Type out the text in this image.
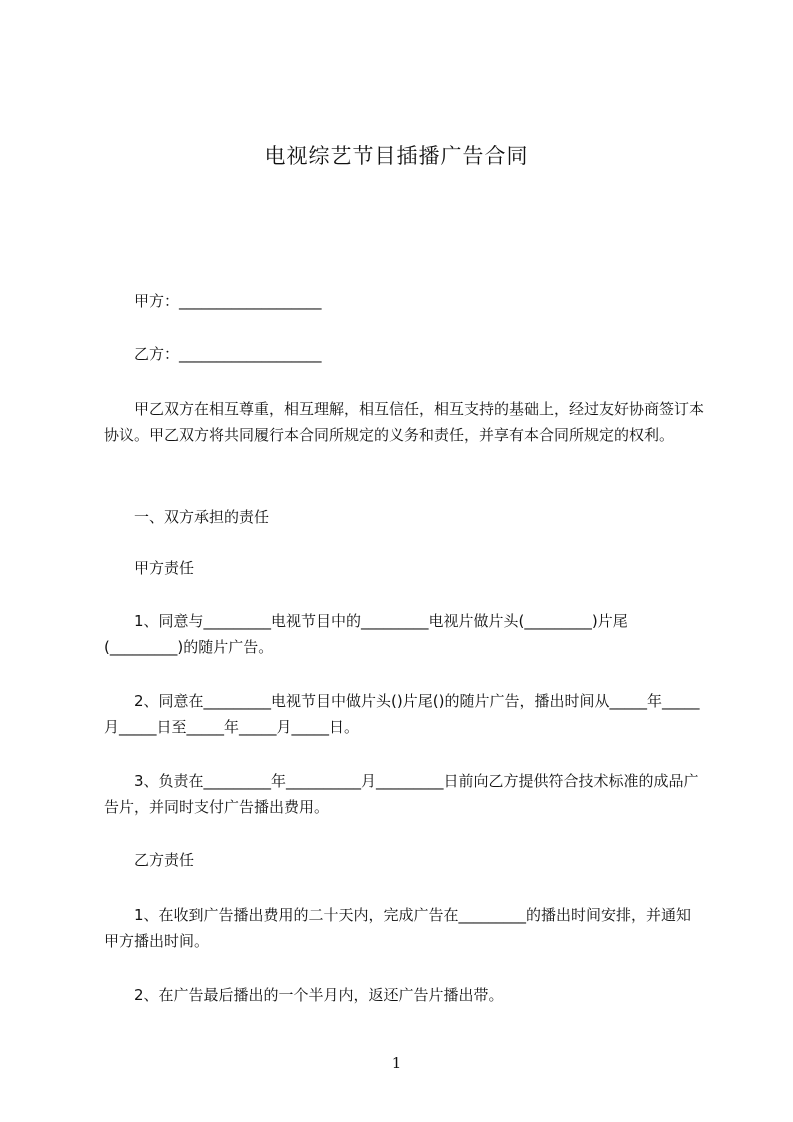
电视综艺节目插播广告合同
　　甲方：___________________
　　乙方：___________________
　　甲乙双方在相互尊重，相互理解，相互信任，相互支持的基础上，经过友好协商签订本协议。甲乙双方将共同履行本合同所规定的义务和责任，并享有本合同所规定的权利。
　　一、双方承担的责任
　　甲方责任
　　1、同意与_________电视节目中的_________电视片做片头(_________)片尾(_________)的随片广告。
　　2、同意在_________电视节目中做片头()片尾()的随片广告，播出时间从_____年_____月_____日至_____年_____月_____日。
　　3、负责在_________年__________月_________日前向乙方提供符合技术标准的成品广告片，并同时支付广告播出费用。
　　乙方责任
　　1、在收到广告播出费用的二十天内，完成广告在_________的播出时间安排，并通知甲方播出时间。
　　2、在广告最后播出的一个半月内，返还广告片播出带。
1
